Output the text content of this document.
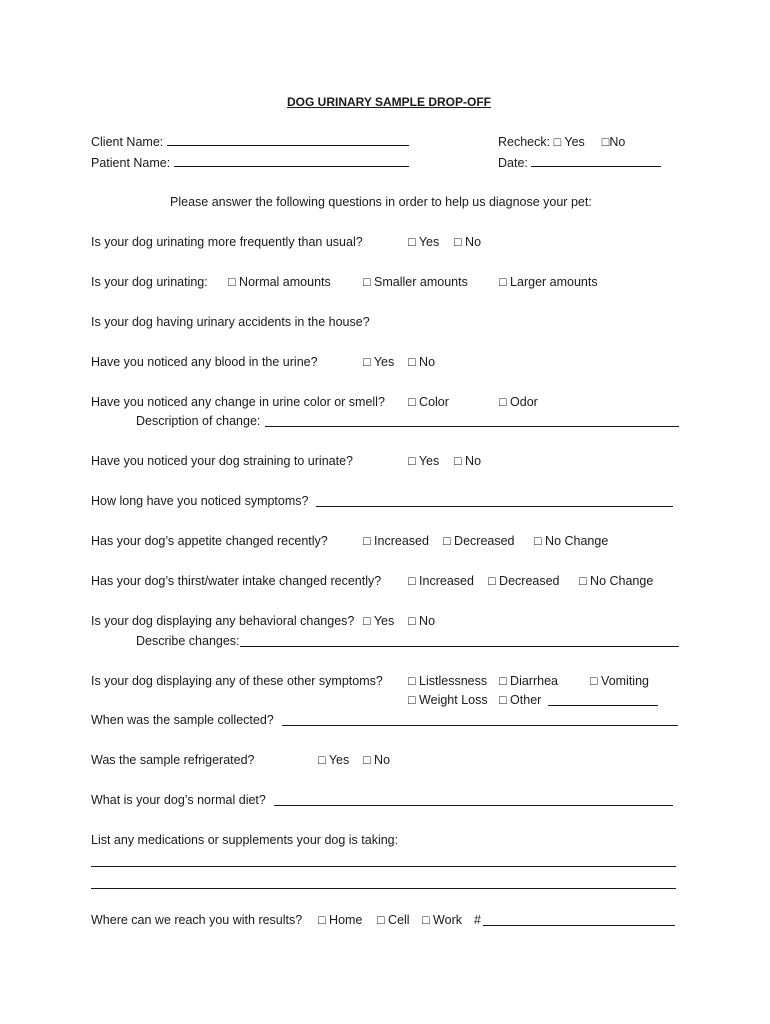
DOG URINARY SAMPLE DROP-OFF
Client Name:
Patient Name:
Recheck: □ Yes □No
Date:
Please answer the following questions in order to help us diagnose your pet:
Is your dog urinating more frequently than usual?	□ Yes □ No
Is your dog urinating: □ Normal amounts	□ Smaller amounts □ Larger amounts
Is your dog having urinary accidents in the house?
Have you noticed any blood in the urine?	□ Yes □ No
Have you noticed any change in urine color or smell? □ Color	□ Odor
Description of change:
Have you noticed your dog straining to urinate?	□ Yes □ No
How long have you noticed symptoms?
Has your dog’s appetite changed recently?	□ Increased □ Decreased □ No Change
Has your dog’s thirst/water intake changed recently? □ Increased □ Decreased □ No Change
Is your dog displaying any behavioral changes? □ Yes □ No
Describe changes:
Is your dog displaying any of these other symptoms? □ Listlessness □ Diarrhea	□ Vomiting
□ Weight Loss □ Other
When was the sample collected?
Was the sample refrigerated?	□ Yes □ No
What is your dog’s normal diet?
List any medications or supplements your dog is taking:
Where can we reach you with results? □ Home □ Cell □ Work #
